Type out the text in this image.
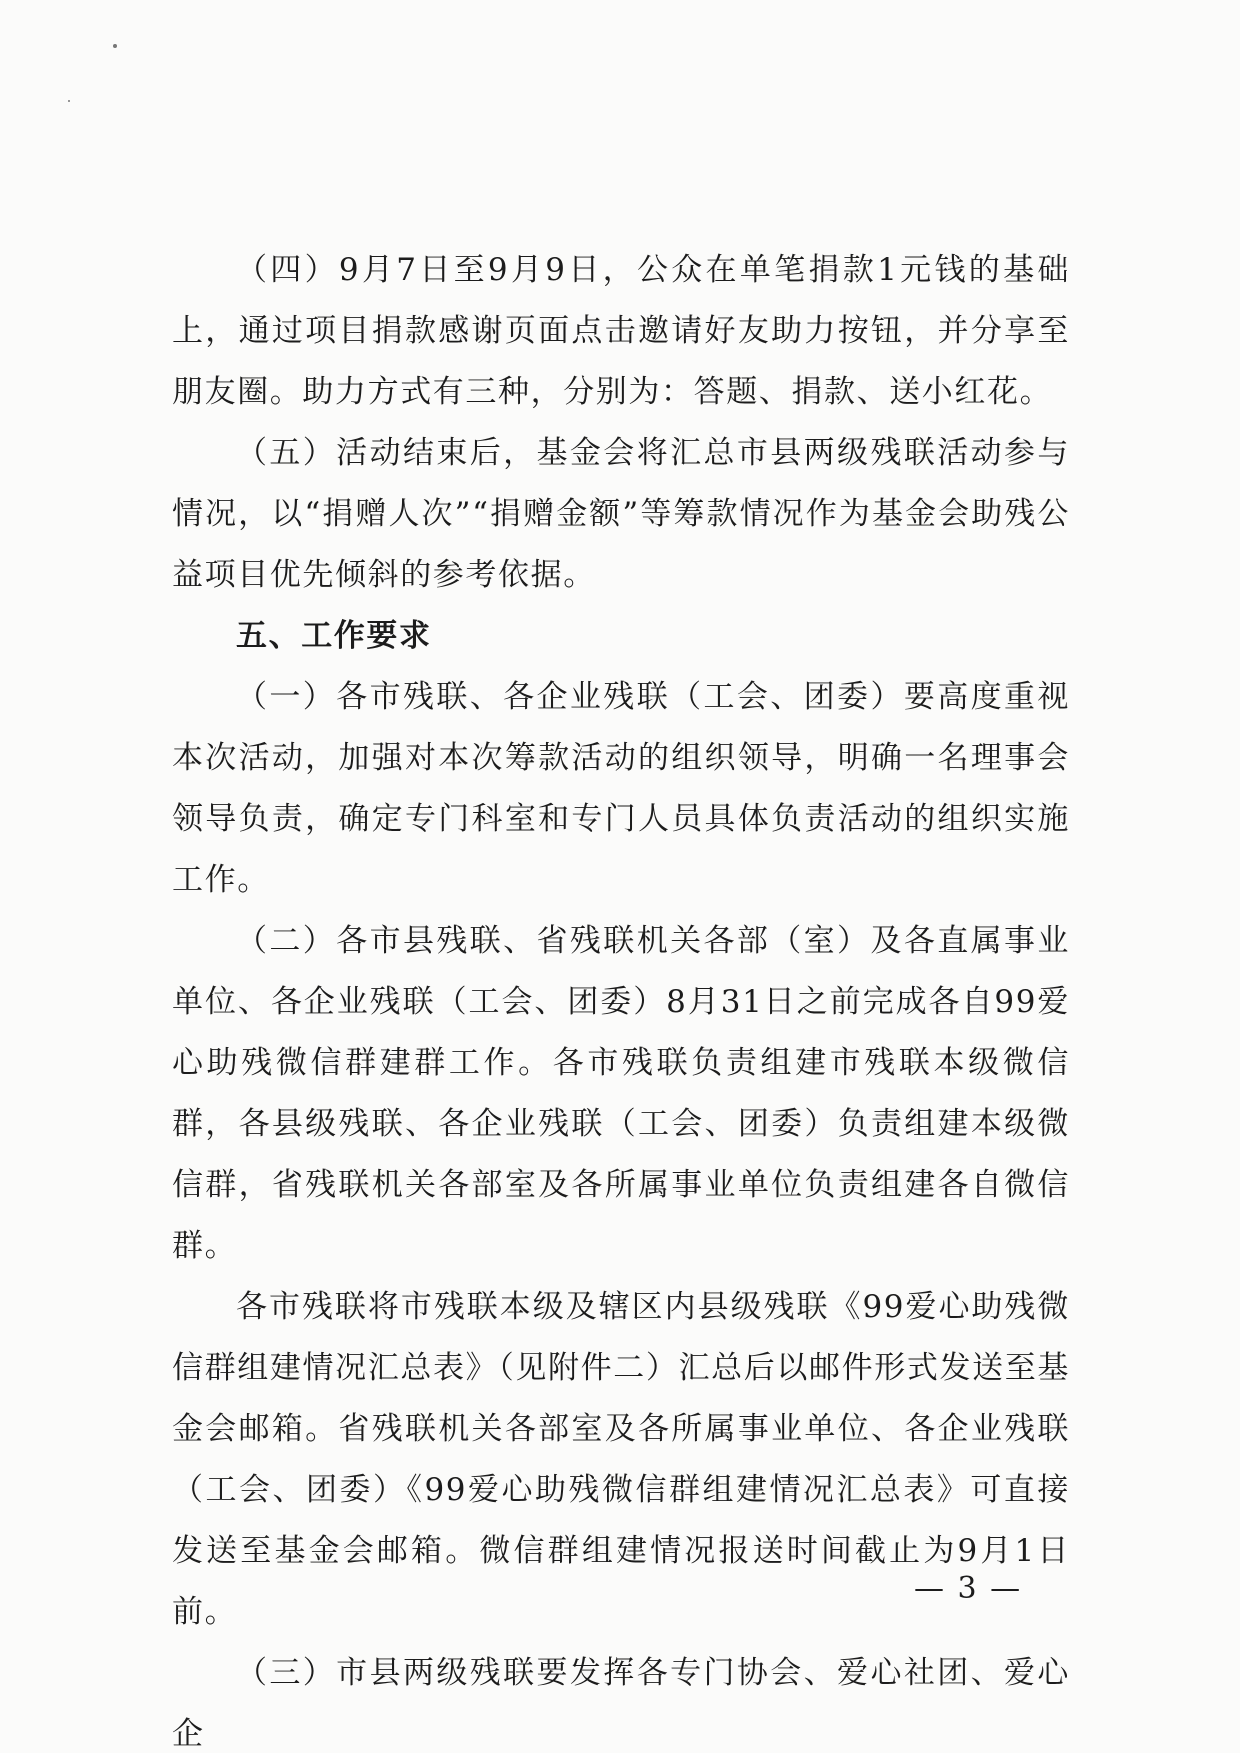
（四）9月7日至9月9日，公众在单笔捐款1元钱的基础上，通过项目捐款感谢页面点击邀请好友助力按钮，并分享至朋友圈。助力方式有三种，分别为：答题、捐款、送小红花。

（五）活动结束后，基金会将汇总市县两级残联活动参与情况，以“捐赠人次”“捐赠金额”等筹款情况作为基金会助残公益项目优先倾斜的参考依据。

五、工作要求

（一）各市残联、各企业残联（工会、团委）要高度重视本次活动，加强对本次筹款活动的组织领导，明确一名理事会领导负责，确定专门科室和专门人员具体负责活动的组织实施工作。

（二）各市县残联、省残联机关各部（室）及各直属事业单位、各企业残联（工会、团委）8月31日之前完成各自99爱心助残微信群建群工作。各市残联负责组建市残联本级微信群，各县级残联、各企业残联（工会、团委）负责组建本级微信群，省残联机关各部室及各所属事业单位负责组建各自微信群。

各市残联将市残联本级及辖区内县级残联《99爱心助残微信群组建情况汇总表》（见附件二）汇总后以邮件形式发送至基金会邮箱。省残联机关各部室及各所属事业单位、各企业残联（工会、团委）《99爱心助残微信群组建情况汇总表》可直接发送至基金会邮箱。微信群组建情况报送时间截止为9月1日前。

（三）市县两级残联要发挥各专门协会、爱心社团、爱心企

— 3 —
